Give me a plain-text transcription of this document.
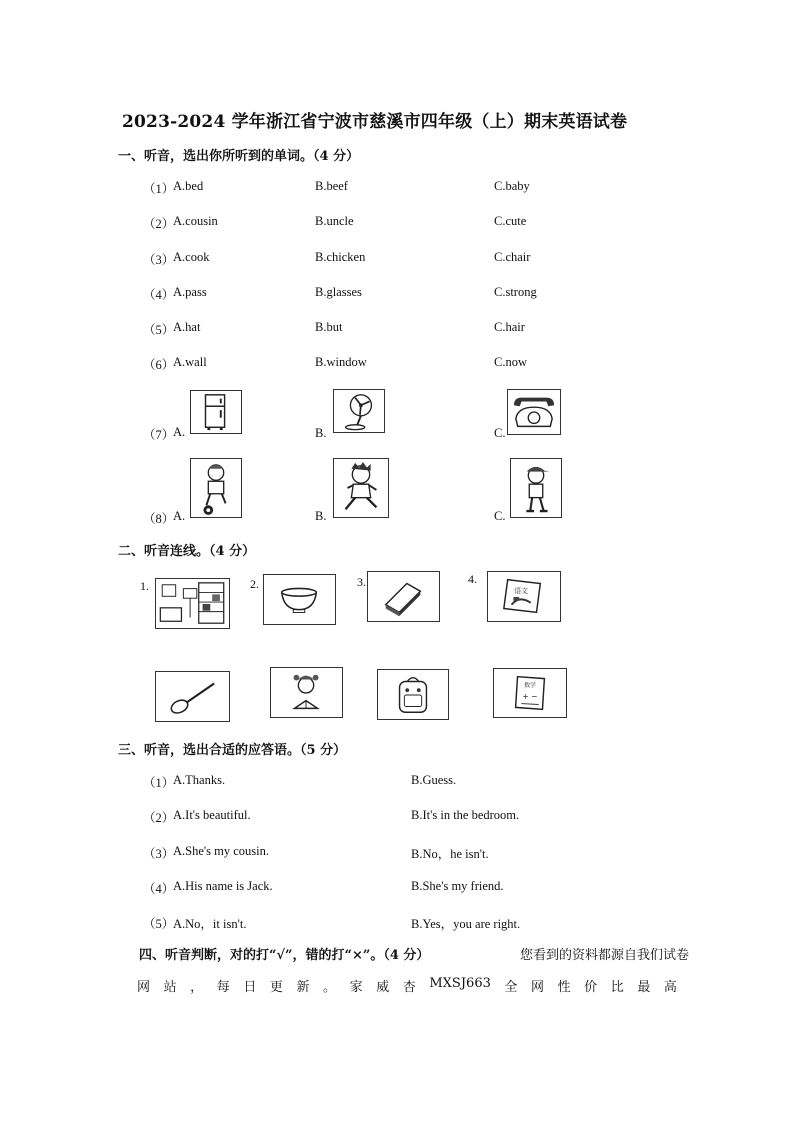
2023-2024 学年浙江省宁波市慈溪市四年级（上）期末英语试卷
一、听音，选出你所听到的单词。（4 分）
（1）
A.bed	B.beef	C.baby
（2）
A.cousin	B.uncle	C.cute
（3）
A.cook	B.chicken	C.chair
（4）
A.pass	B.glasses	C.strong
（5）
A.hat	B.but	C.hair
（6）
A.wall	B.window	C.now
（7）
A.	B.	C.
（8）
A.	B.	C.
二、听音连线。（4 分）
1.	2.	3.	4.
语文
数学
+ −
三、听音，选出合适的应答语。（5 分）
（1）
A.Thanks.	B.Guess.
（2）
A.It's beautiful.	B.It's in the bedroom.
（3）
A.She's my cousin.	B.No，he isn't.
（4）
A.His name is Jack.	B.She's my friend.
（5）
A.No，it isn't.	B.Yes，you are right.
四、听音判断，对的打“√”，错的打“×”。（4 分）	您看到的资料都源自我们试卷
网 站 ， 每 日 更 新 。 家 威 杏 MXSJ663 全 网 性 价 比 最 高
